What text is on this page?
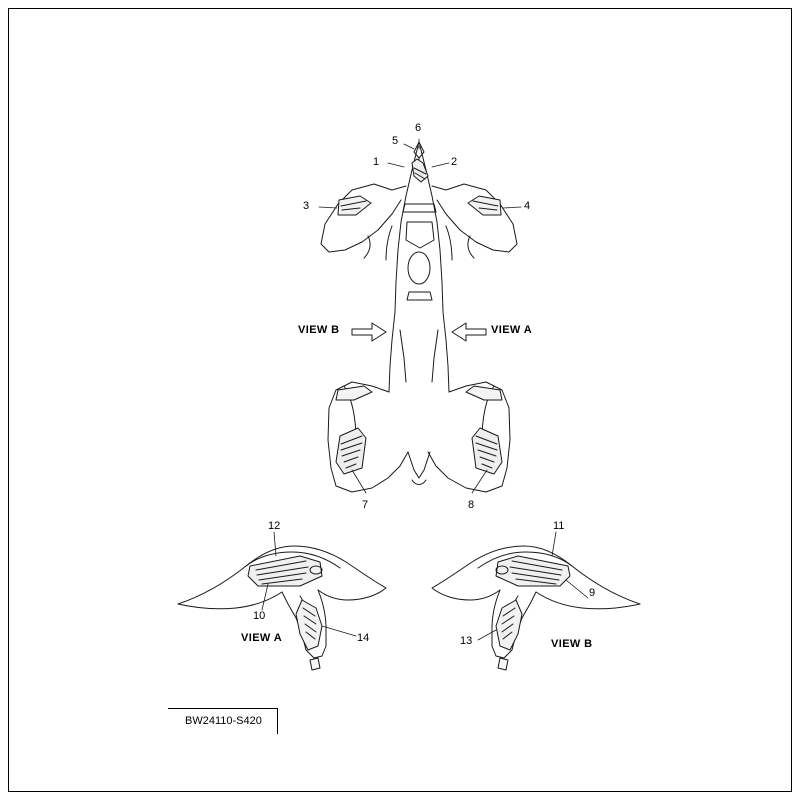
1	2
3	4
5
6
7	8
9
10
11
12
13
14
VIEW B	VIEW A
VIEW A	VIEW B
BW24110-S420
